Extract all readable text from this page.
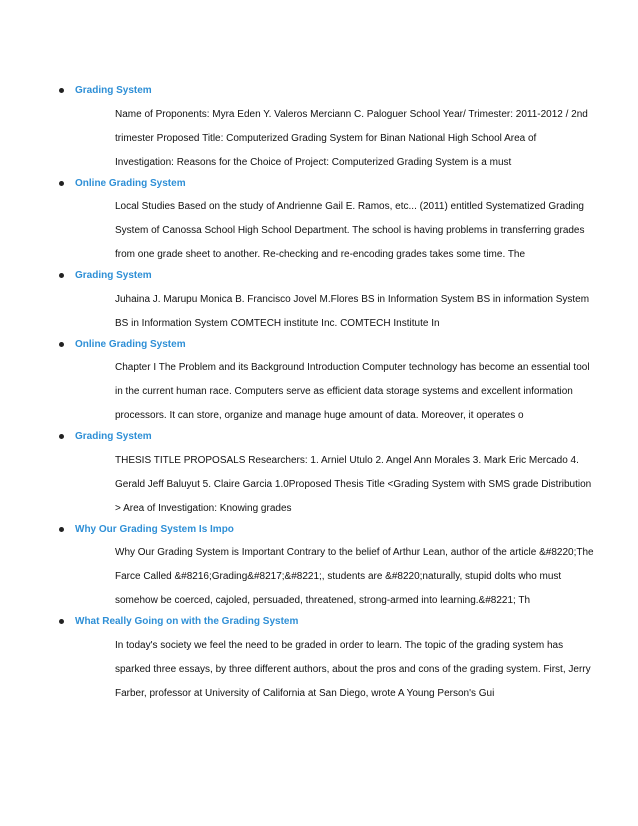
Grading System
Name of Proponents: Myra Eden Y. Valeros Merciann C. Paloguer School Year/ Trimester: 2011-2012 / 2nd
trimester Proposed Title: Computerized Grading System for Binan National High School Area of
Investigation: Reasons for the Choice of Project: Computerized Grading System is a must
Online Grading System
Local Studies Based on the study of Andrienne Gail E. Ramos, etc... (2011) entitled Systematized Grading
System of Canossa School High School Department. The school is having problems in transferring grades
from one grade sheet to another. Re-checking and re-encoding grades takes some time. The
Grading System
Juhaina J. Marupu Monica B. Francisco Jovel M.Flores BS in Information System BS in information System
BS in Information System COMTECH institute Inc. COMTECH Institute In
Online Grading System
Chapter I The Problem and its Background Introduction Computer technology has become an essential tool
in the current human race. Computers serve as efficient data storage systems and excellent information
processors. It can store, organize and manage huge amount of data. Moreover, it operates o
Grading System
THESIS TITLE PROPOSALS Researchers: 1. Arniel Utulo 2. Angel Ann Morales 3. Mark Eric Mercado 4.
Gerald Jeff Baluyut 5. Claire Garcia 1.0Proposed Thesis Title <Grading System with SMS grade Distribution
> Area of Investigation: Knowing grades
Why Our Grading System Is Impo
Why Our Grading System is Important Contrary to the belief of Arthur Lean, author of the article &#8220;The
Farce Called &#8216;Grading&#8217;&#8221;, students are &#8220;naturally, stupid dolts who must
somehow be coerced, cajoled, persuaded, threatened, strong-armed into learning.&#8221; Th
What Really Going on with the Grading System
In today's society we feel the need to be graded in order to learn. The topic of the grading system has
sparked three essays, by three different authors, about the pros and cons of the grading system. First, Jerry
Farber, professor at University of California at San Diego, wrote A Young Person's Gui
